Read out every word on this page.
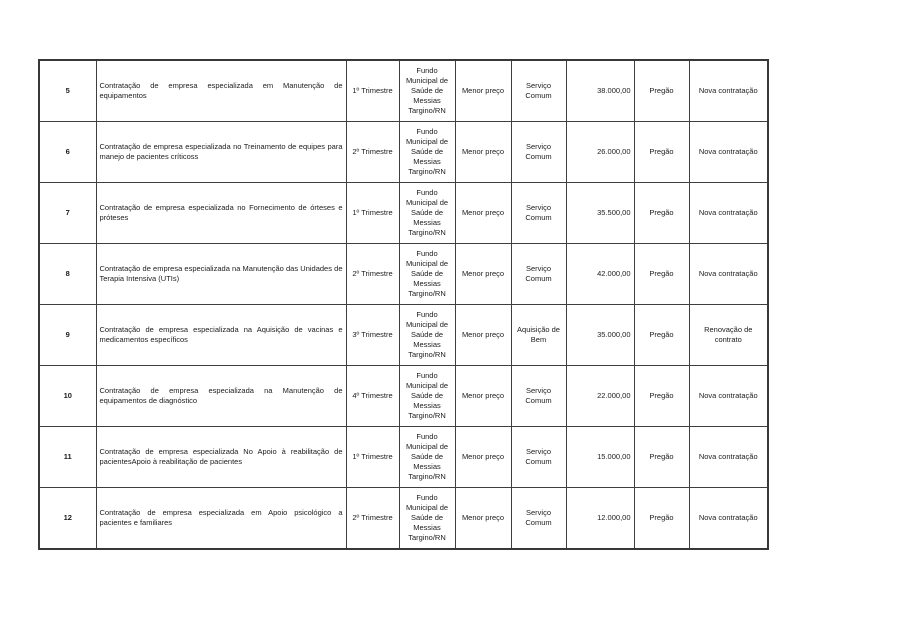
5	Contratação de empresa especializada em Manutenção de equipamentos	1º Trimestre	Fundo Municipal de Saúde de Messias Targino/RN	Menor preço	Serviço Comum	38.000,00	Pregão	Nova contratação
6	Contratação de empresa especializada no Treinamento de equipes para manejo de pacientes críticoss	2º Trimestre	Fundo Municipal de Saúde de Messias Targino/RN	Menor preço	Serviço Comum	26.000,00	Pregão	Nova contratação
7	Contratação de empresa especializada no Fornecimento de órteses e próteses	1º Trimestre	Fundo Municipal de Saúde de Messias Targino/RN	Menor preço	Serviço Comum	35.500,00	Pregão	Nova contratação
8	Contratação de empresa especializada na Manutenção das Unidades de Terapia Intensiva (UTIs)	2º Trimestre	Fundo Municipal de Saúde de Messias Targino/RN	Menor preço	Serviço Comum	42.000,00	Pregão	Nova contratação
9	Contratação de empresa especializada na Aquisição de vacinas e medicamentos específicos	3º Trimestre	Fundo Municipal de Saúde de Messias Targino/RN	Menor preço	Aquisição de Bem	35.000,00	Pregão	Renovação de contrato
10	Contratação de empresa especializada na Manutenção de equipamentos de diagnóstico	4º Trimestre	Fundo Municipal de Saúde de Messias Targino/RN	Menor preço	Serviço Comum	22.000,00	Pregão	Nova contratação
11	Contratação de empresa especializada No Apoio à reabilitação de pacientesApoio à reabilitação de pacientes	1º Trimestre	Fundo Municipal de Saúde de Messias Targino/RN	Menor preço	Serviço Comum	15.000,00	Pregão	Nova contratação
12	Contratação de empresa especializada em Apoio psicológico a pacientes e familiares	2º Trimestre	Fundo Municipal de Saúde de Messias Targino/RN	Menor preço	Serviço Comum	12.000,00	Pregão	Nova contratação
